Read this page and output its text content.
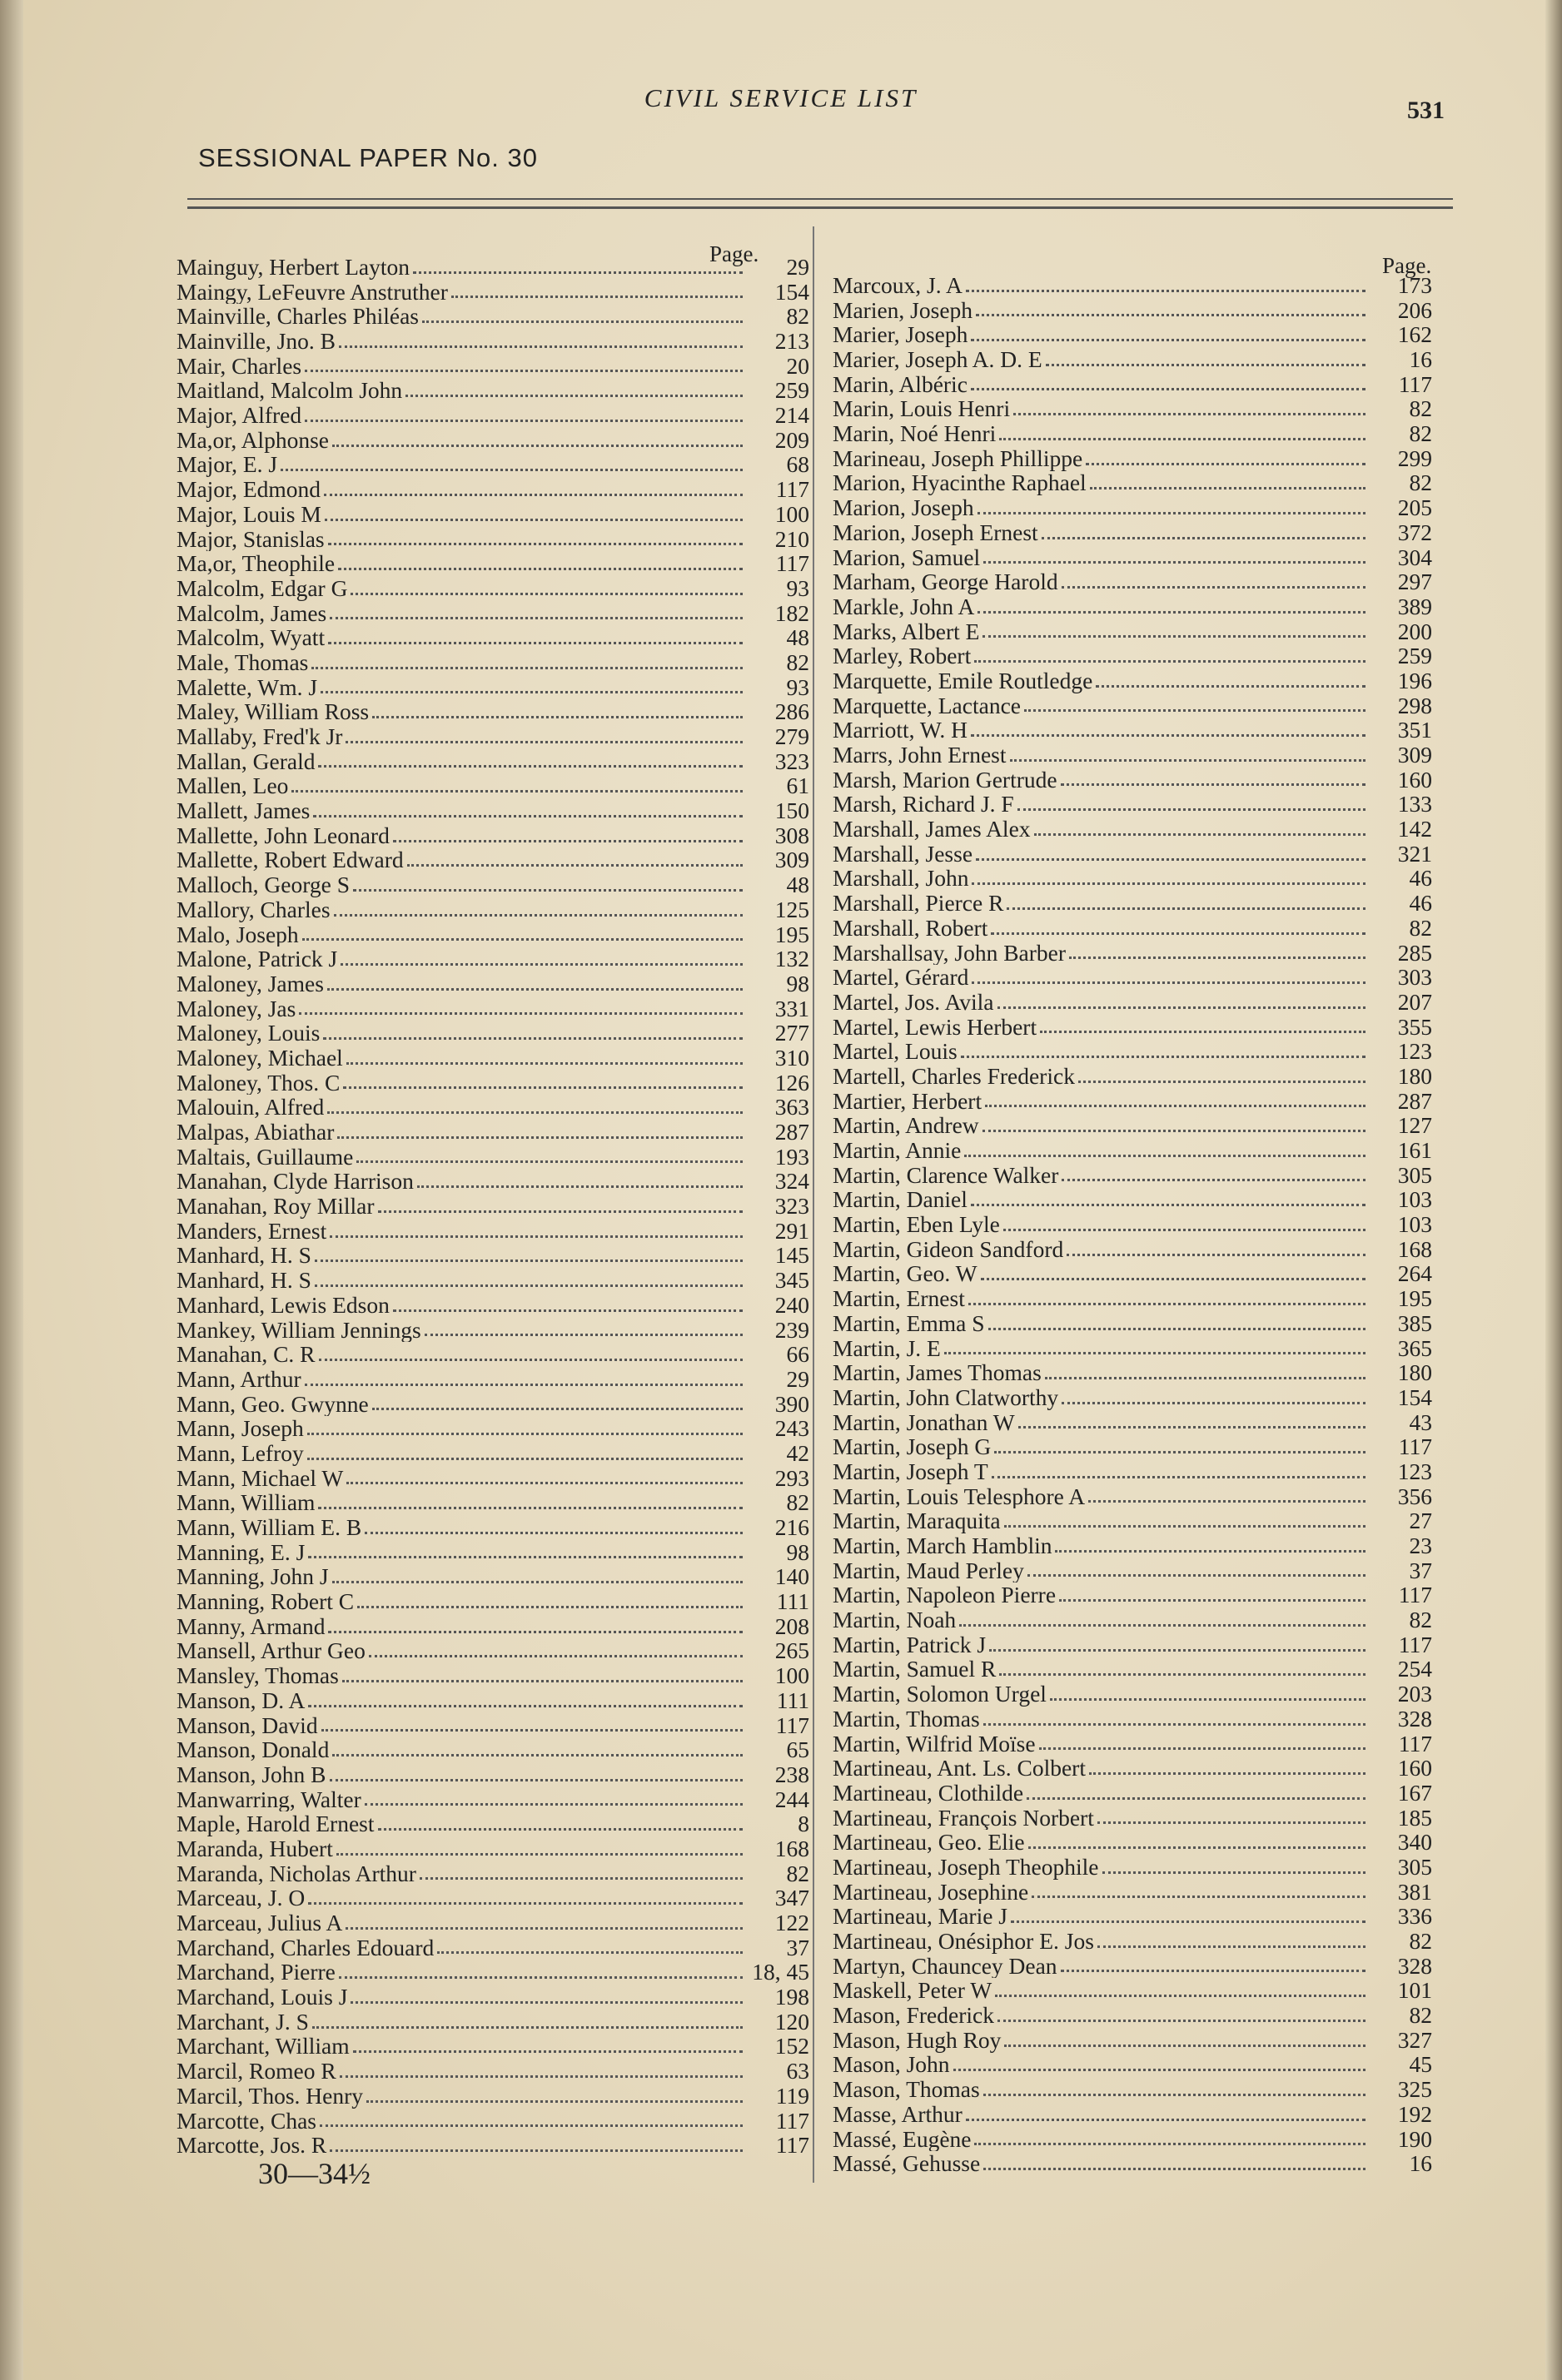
CIVIL SERVICE LIST	531
SESSIONAL PAPER No. 30
Page.	Page.
Mainguy, Herbert Layton	29
Maingy, LeFeuvre Anstruther	154
Mainville, Charles Philéas	82
Mainville, Jno. B	213
Mair, Charles	20
Maitland, Malcolm John	259
Major, Alfred	214
Ma,or, Alphonse	209
Major, E. J	68
Major, Edmond	117
Major, Louis M	100
Major, Stanislas	210
Ma,or, Theophile	117
Malcolm, Edgar G	93
Malcolm, James	182
Malcolm, Wyatt	48
Male, Thomas	82
Malette, Wm. J	93
Maley, William Ross	286
Mallaby, Fred'k Jr	279
Mallan, Gerald	323
Mallen, Leo	61
Mallett, James	150
Mallette, John Leonard	308
Mallette, Robert Edward	309
Malloch, George S	48
Mallory, Charles	125
Malo, Joseph	195
Malone, Patrick J	132
Maloney, James	98
Maloney, Jas	331
Maloney, Louis	277
Maloney, Michael	310
Maloney, Thos. C	126
Malouin, Alfred	363
Malpas, Abiathar	287
Maltais, Guillaume	193
Manahan, Clyde Harrison	324
Manahan, Roy Millar	323
Manders, Ernest	291
Manhard, H. S	145
Manhard, H. S	345
Manhard, Lewis Edson	240
Mankey, William Jennings	239
Manahan, C. R	66
Mann, Arthur	29
Mann, Geo. Gwynne	390
Mann, Joseph	243
Mann, Lefroy	42
Mann, Michael W	293
Mann, William	82
Mann, William E. B	216
Manning, E. J	98
Manning, John J	140
Manning, Robert C	111
Manny, Armand	208
Mansell, Arthur Geo	265
Mansley, Thomas	100
Manson, D. A	111
Manson, David	117
Manson, Donald	65
Manson, John B	238
Manwarring, Walter	244
Maple, Harold Ernest	8
Maranda, Hubert	168
Maranda, Nicholas Arthur	82
Marceau, J. O	347
Marceau, Julius A	122
Marchand, Charles Edouard	37
Marchand, Pierre	18, 45
Marchand, Louis J	198
Marchant, J. S	120
Marchant, William	152
Marcil, Romeo R	63
Marcil, Thos. Henry	119
Marcotte, Chas	117
Marcotte, Jos. R	117
Marcoux, J. A	173
Marien, Joseph	206
Marier, Joseph	162
Marier, Joseph A. D. E	16
Marin, Albéric	117
Marin, Louis Henri	82
Marin, Noé Henri	82
Marineau, Joseph Phillippe	299
Marion, Hyacinthe Raphael	82
Marion, Joseph	205
Marion, Joseph Ernest	372
Marion, Samuel	304
Marham, George Harold	297
Markle, John A	389
Marks, Albert E	200
Marley, Robert	259
Marquette, Emile Routledge	196
Marquette, Lactance	298
Marriott, W. H	351
Marrs, John Ernest	309
Marsh, Marion Gertrude	160
Marsh, Richard J. F	133
Marshall, James Alex	142
Marshall, Jesse	321
Marshall, John	46
Marshall, Pierce R	46
Marshall, Robert	82
Marshallsay, John Barber	285
Martel, Gérard	303
Martel, Jos. Avila	207
Martel, Lewis Herbert	355
Martel, Louis	123
Martell, Charles Frederick	180
Martier, Herbert	287
Martin, Andrew	127
Martin, Annie	161
Martin, Clarence Walker	305
Martin, Daniel	103
Martin, Eben Lyle	103
Martin, Gideon Sandford	168
Martin, Geo. W	264
Martin, Ernest	195
Martin, Emma S	385
Martin, J. E	365
Martin, James Thomas	180
Martin, John Clatworthy	154
Martin, Jonathan W	43
Martin, Joseph G	117
Martin, Joseph T	123
Martin, Louis Telesphore A	356
Martin, Maraquita	27
Martin, March Hamblin	23
Martin, Maud Perley	37
Martin, Napoleon Pierre	117
Martin, Noah	82
Martin, Patrick J	117
Martin, Samuel R	254
Martin, Solomon Urgel	203
Martin, Thomas	328
Martin, Wilfrid Moïse	117
Martineau, Ant. Ls. Colbert	160
Martineau, Clothilde	167
Martineau, François Norbert	185
Martineau, Geo. Elie	340
Martineau, Joseph Theophile	305
Martineau, Josephine	381
Martineau, Marie J	336
Martineau, Onésiphor E. Jos	82
Martyn, Chauncey Dean	328
Maskell, Peter W	101
Mason, Frederick	82
Mason, Hugh Roy	327
Mason, John	45
Mason, Thomas	325
Masse, Arthur	192
Massé, Eugène	190
Massé, Gehusse	16
30—34½
